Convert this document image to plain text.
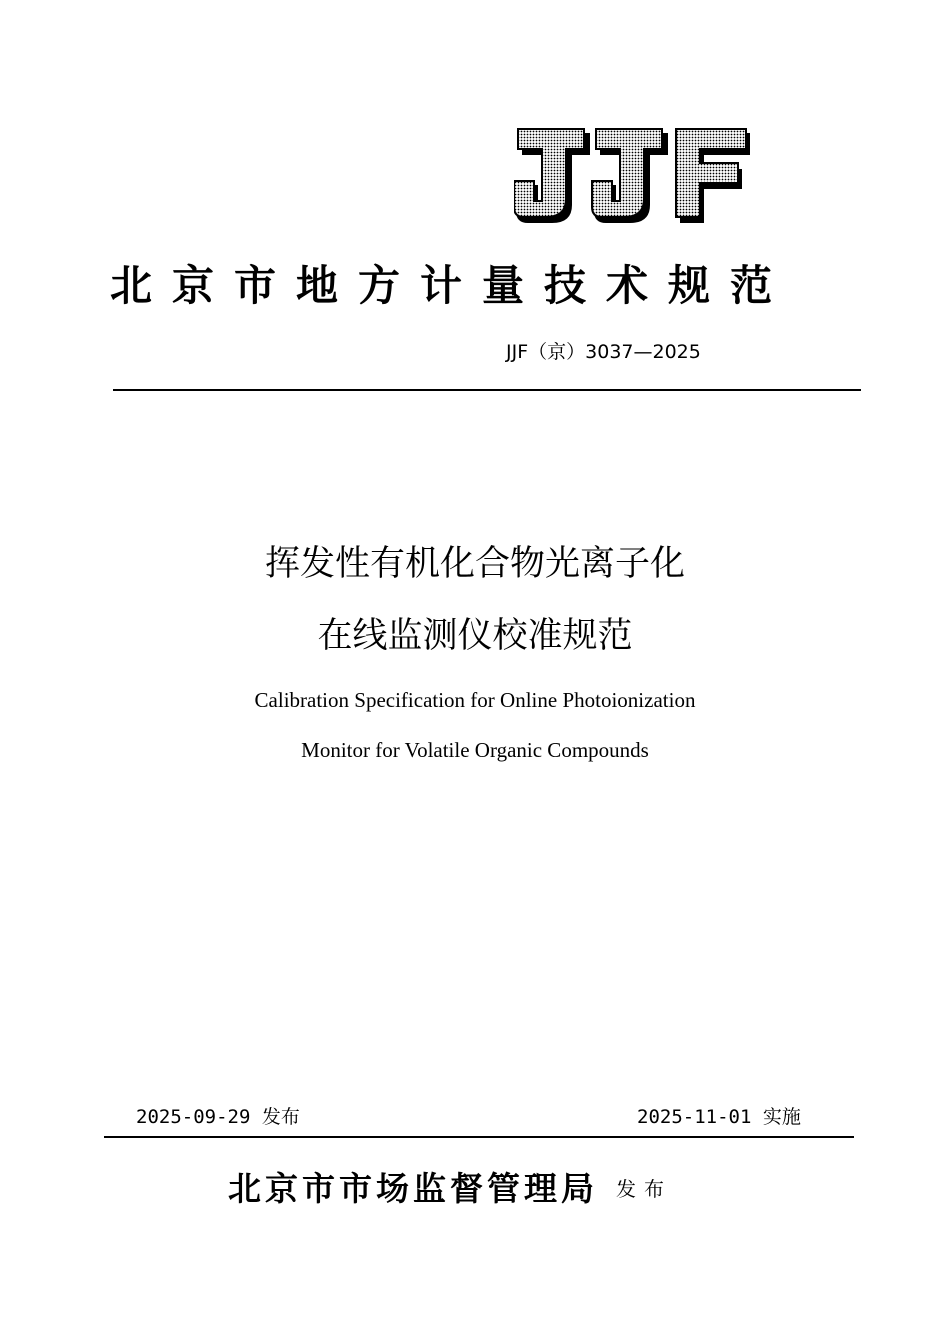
北京市地方计量技术规范
JJF（京）3037—2025
挥发性有机化合物光离子化
在线监测仪校准规范
Calibration Specification for Online Photoionization
Monitor for Volatile Organic Compounds
2025-09-29 发布	2025-11-01 实施
北京市市场监督管理局 发布
